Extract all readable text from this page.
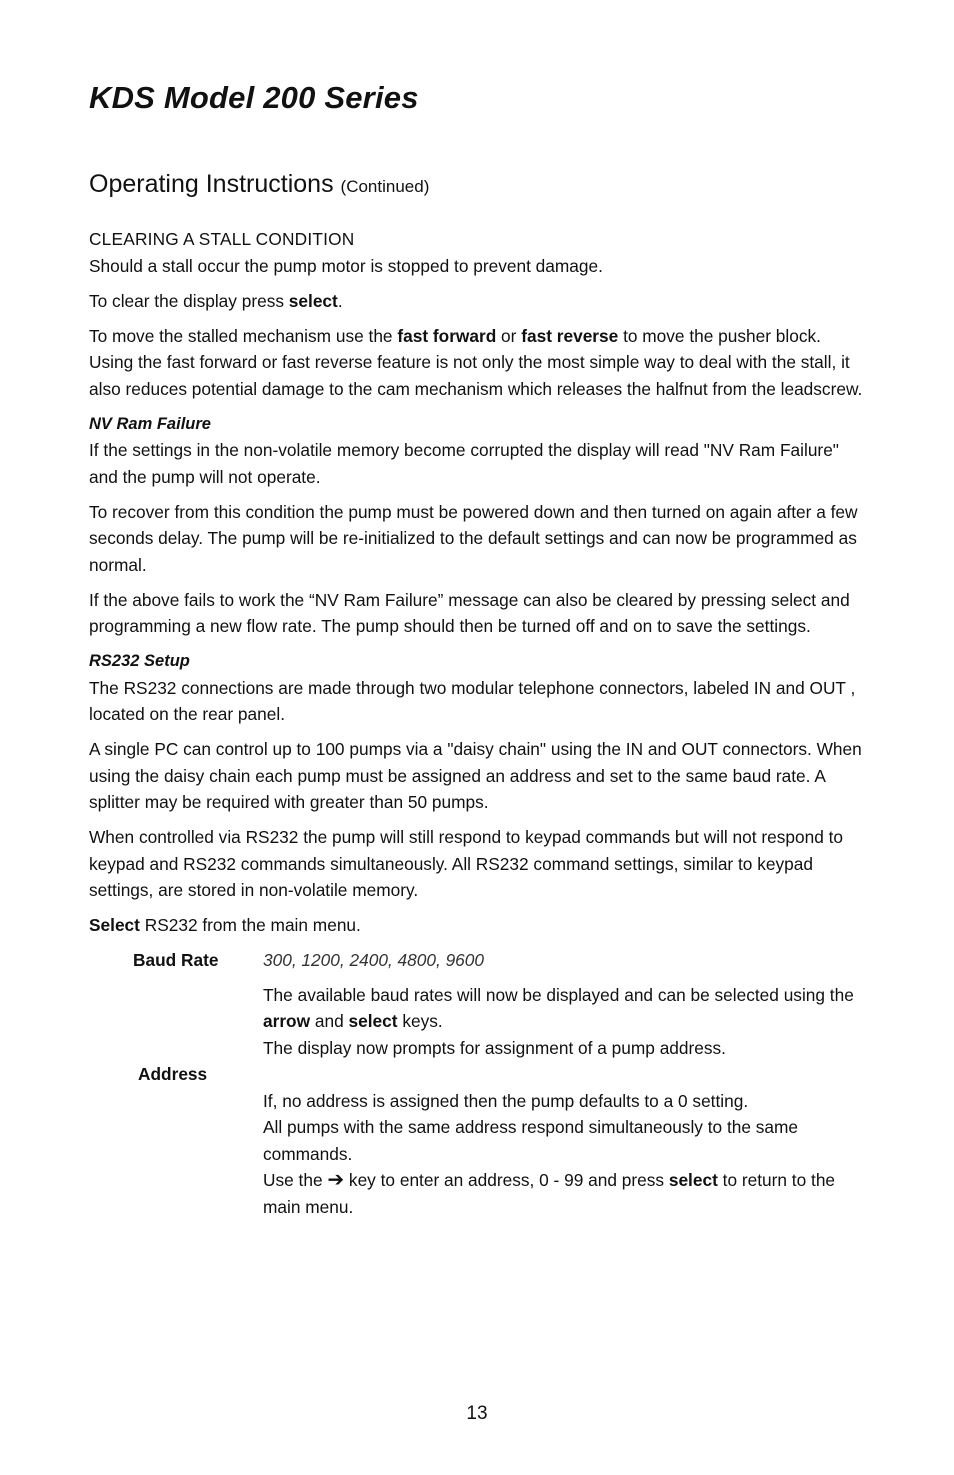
KDS Model 200 Series
Operating Instructions (Continued)
CLEARING A STALL CONDITION

Should a stall occur the pump motor is stopped to prevent damage.

To clear the display press select.

To move the stalled mechanism use the fast forward or fast reverse to move the pusher block. Using the fast forward or fast reverse feature is not only the most simple way to deal with the stall, it also reduces potential damage to the cam mechanism which releases the halfnut from the leadscrew.

NV Ram Failure

If the settings in the non-volatile memory become corrupted the display will read "NV Ram Failure" and the pump will not operate.

To recover from this condition the pump must be powered down and then turned on again after a few seconds delay. The pump will be re-initialized to the default settings and can now be programmed as normal.

If the above fails to work the “NV Ram Failure” message can also be cleared by pressing select and programming a new flow rate. The pump should then be turned off and on to save the settings.

RS232 Setup

The RS232 connections are made through two modular telephone connectors, labeled IN and OUT , located on the rear panel.

A single PC can control up to 100 pumps via a "daisy chain" using the IN and OUT connectors. When using the daisy chain each pump must be assigned an address and set to the same baud rate. A splitter may be required with greater than 50 pumps.

When controlled via RS232 the pump will still respond to keypad commands but will not respond to keypad and RS232 commands simultaneously. All RS232 command settings, similar to keypad settings, are stored in non-volatile memory.

Select RS232 from the main menu.

Baud Rate	300, 1200, 2400, 4800, 9600

The available baud rates will now be displayed and can be selected using the arrow and select keys.

The display now prompts for assignment of a pump address.

Address

If, no address is assigned then the pump defaults to a 0 setting.

All pumps with the same address respond simultaneously to the same commands.

Use the ➔ key to enter an address, 0 - 99 and press select to return to the main menu.

13
